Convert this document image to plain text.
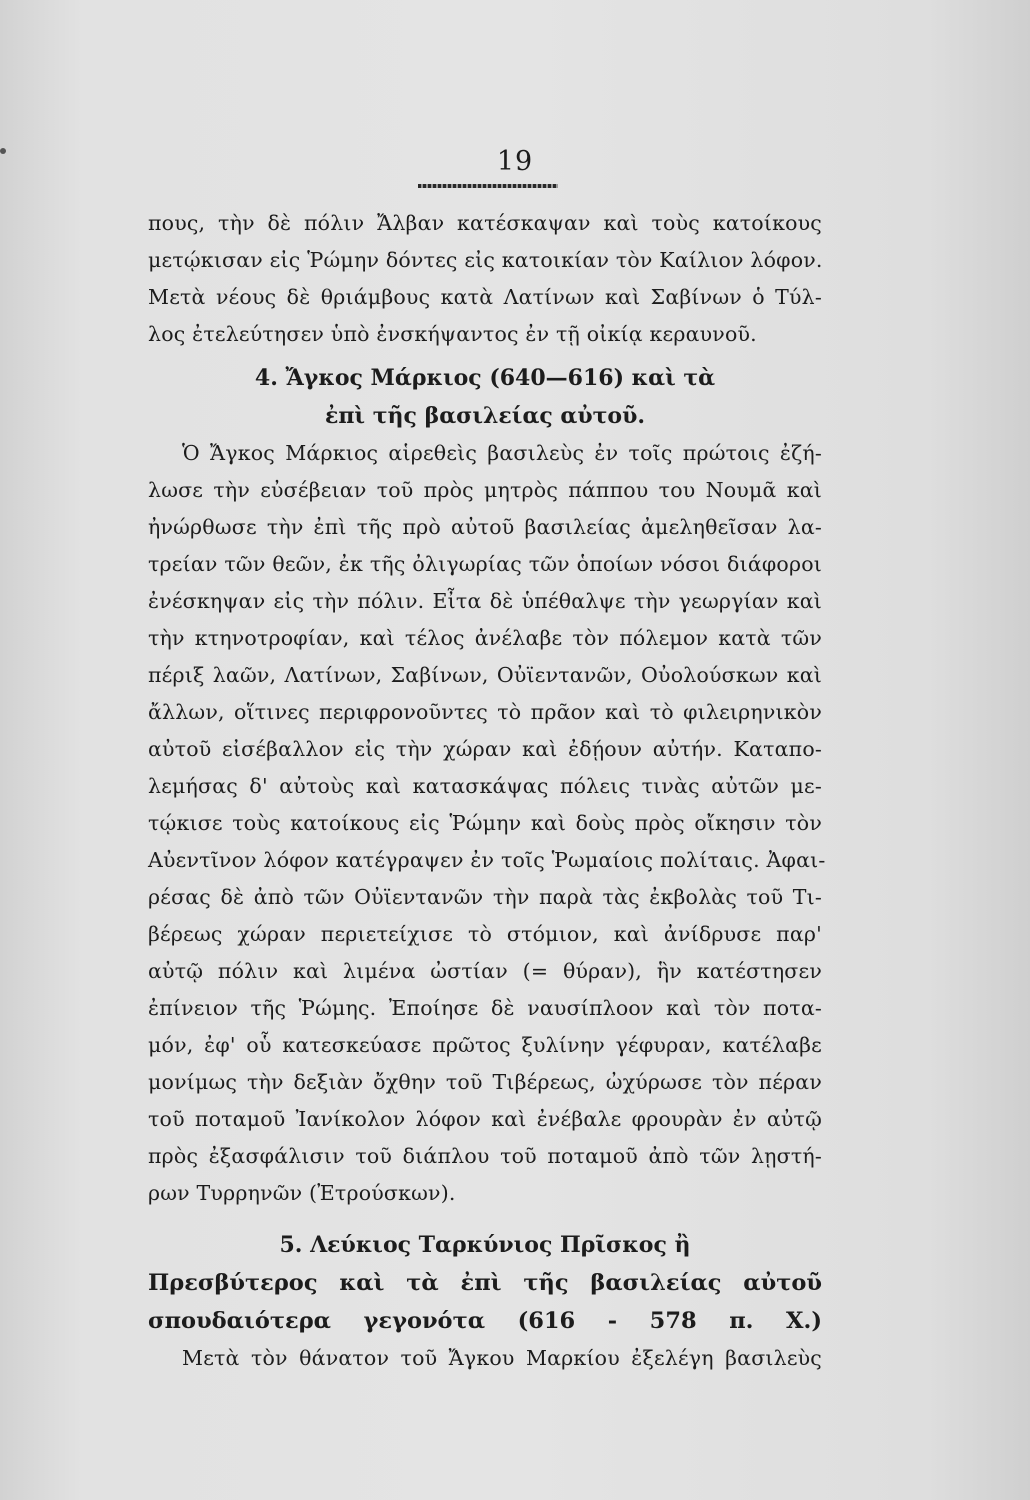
19
πους, τὴν δὲ πόλιν Ἄλβαν κατέσκαψαν καὶ τοὺς κατοίκους
μετῴκισαν εἰς Ῥώμην δόντες εἰς κατοικίαν τὸν Καίλιον λόφον.
Μετὰ νέους δὲ θριάμβους κατὰ Λατίνων καὶ Σαβίνων ὁ Τύλ-
λος ἐτελεύτησεν ὑπὸ ἐνσκήψαντος ἐν τῇ οἰκίᾳ κεραυνοῦ.
4. Ἄγκος Μάρκιος (640—616) καὶ τὰ
ἐπὶ τῆς βασιλείας αὐτοῦ.
Ὁ Ἄγκος Μάρκιος αἱρεθεὶς βασιλεὺς ἐν τοῖς πρώτοις ἐζή-
λωσε τὴν εὐσέβειαν τοῦ πρὸς μητρὸς πάππου του Νουμᾶ καὶ
ἠνώρθωσε τὴν ἐπὶ τῆς πρὸ αὐτοῦ βασιλείας ἀμεληθεῖσαν λα-
τρείαν τῶν θεῶν, ἐκ τῆς ὀλιγωρίας τῶν ὁποίων νόσοι διάφοροι
ἐνέσκηψαν εἰς τὴν πόλιν. Εἶτα δὲ ὑπέθαλψε τὴν γεωργίαν καὶ
τὴν κτηνοτροφίαν, καὶ τέλος ἀνέλαβε τὸν πόλεμον κατὰ τῶν
πέριξ λαῶν, Λατίνων, Σαβίνων, Οὐϊεντανῶν, Οὐολούσκων καὶ
ἄλλων, οἵτινες περιφρονοῦντες τὸ πρᾶον καὶ τὸ φιλειρηνικὸν
αὐτοῦ εἰσέβαλλον εἰς τὴν χώραν καὶ ἐδῄουν αὐτήν. Καταπο-
λεμήσας δ' αὐτοὺς καὶ κατασκάψας πόλεις τινὰς αὐτῶν με-
τῴκισε τοὺς κατοίκους εἰς Ῥώμην καὶ δοὺς πρὸς οἴκησιν τὸν
Αὐεντῖνον λόφον κατέγραψεν ἐν τοῖς Ῥωμαίοις πολίταις. Ἀφαι-
ρέσας δὲ ἀπὸ τῶν Οὐϊεντανῶν τὴν παρὰ τὰς ἐκβολὰς τοῦ Τι-
βέρεως χώραν περιετείχισε τὸ στόμιον, καὶ ἀνίδρυσε παρ'
αὐτῷ πόλιν καὶ λιμένα ὠστίαν (= θύραν), ἣν κατέστησεν
ἐπίνειον τῆς Ῥώμης. Ἐποίησε δὲ ναυσίπλοον καὶ τὸν ποτα-
μόν, ἐφ' οὗ κατεσκεύασε πρῶτος ξυλίνην γέφυραν, κατέλαβε
μονίμως τὴν δεξιὰν ὄχθην τοῦ Τιβέρεως, ὠχύρωσε τὸν πέραν
τοῦ ποταμοῦ Ἰανίκολον λόφον καὶ ἐνέβαλε φρουρὰν ἐν αὐτῷ
πρὸς ἐξασφάλισιν τοῦ διάπλου τοῦ ποταμοῦ ἀπὸ τῶν λῃστή-
ρων Τυρρηνῶν (Ἐτρούσκων).
5. Λεύκιος Ταρκύνιος Πρῖσκος ἢ
Πρεσβύτερος καὶ τὰ ἐπὶ τῆς βασιλείας αὐτοῦ
σπουδαιότερα γεγονότα (616 - 578 π. Χ.)
Μετὰ τὸν θάνατον τοῦ Ἄγκου Μαρκίου ἐξελέγη βασιλεὺς
